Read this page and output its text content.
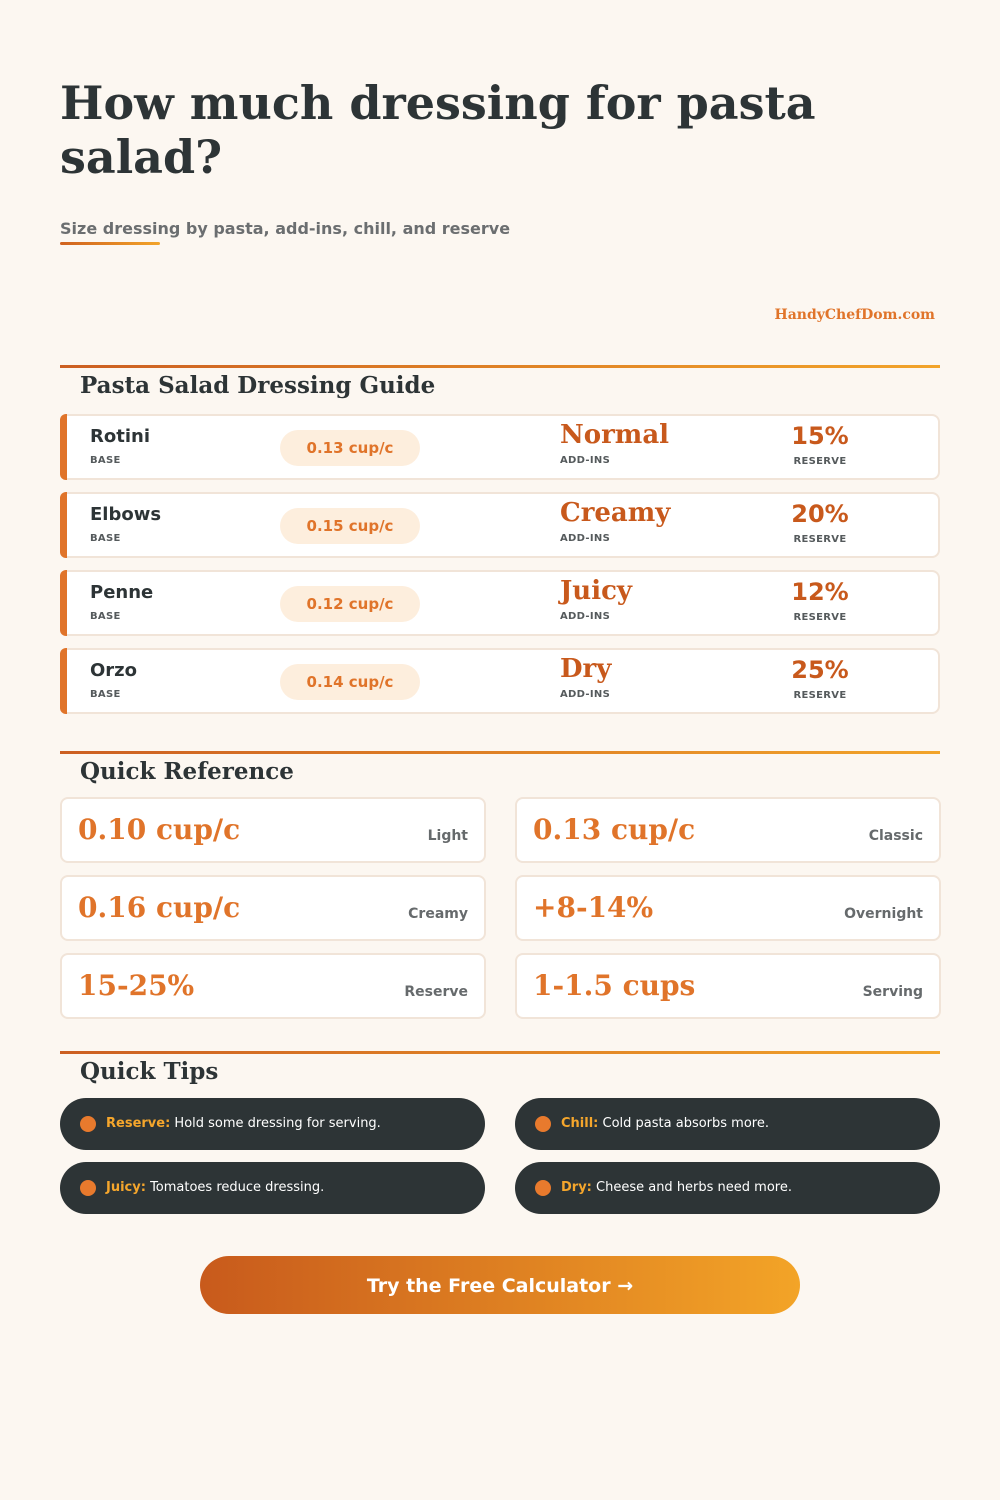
How much dressing for pasta salad?
Size dressing by pasta, add-ins, chill, and reserve
HandyChefDom.com
Pasta Salad Dressing Guide
Rotini
BASE
0.13 cup/c	Normal
ADD-INS
15%
RESERVE
Elbows
BASE
0.15 cup/c	Creamy
ADD-INS
20%
RESERVE
Penne
BASE
0.12 cup/c	Juicy
ADD-INS
12%
RESERVE
Orzo
BASE
0.14 cup/c	Dry
ADD-INS
25%
RESERVE
Quick Reference
0.10 cup/c	Light 0.13 cup/c	Classic
0.16 cup/c	Creamy +8-14%	Overnight
15-25%	Reserve 1-1.5 cups	Serving
Quick Tips
Reserve: Hold some dressing for serving.	Chill: Cold pasta absorbs more.
Juicy: Tomatoes reduce dressing.	Dry: Cheese and herbs need more.
Try the Free Calculator →
